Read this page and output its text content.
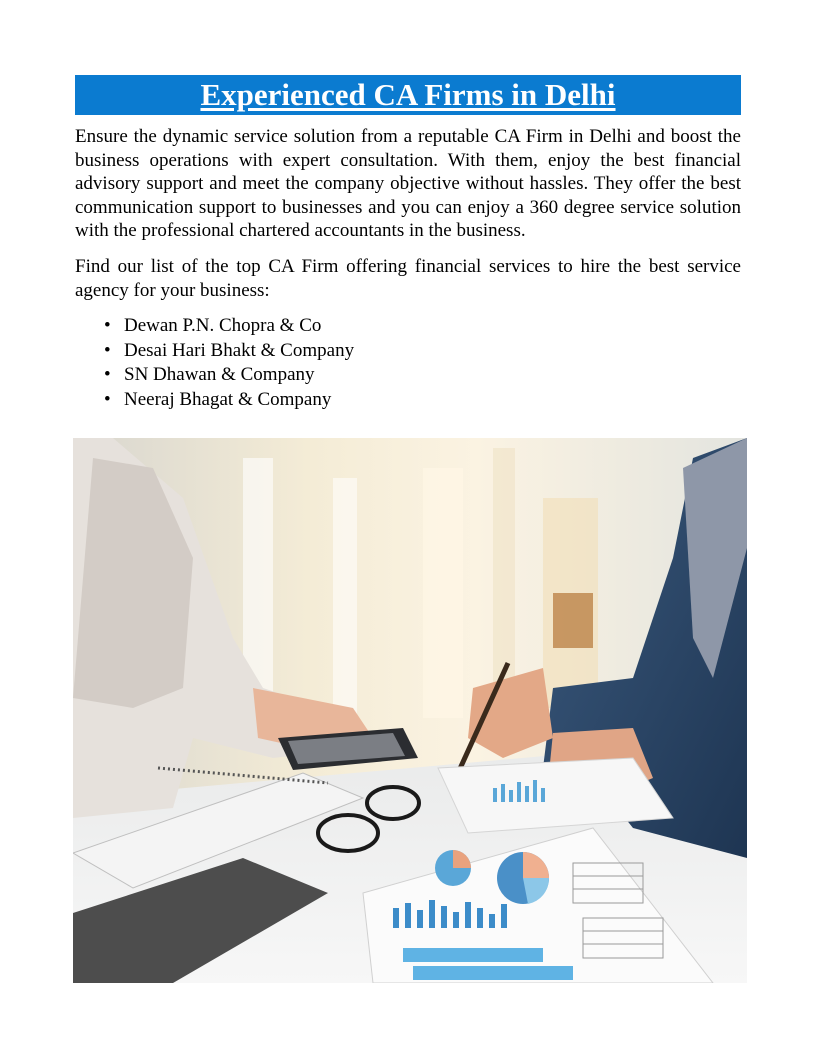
Experienced CA Firms in Delhi

Ensure the dynamic service solution from a reputable CA Firm in Delhi and boost the business operations with expert consultation. With them, enjoy the best financial advisory support and meet the company objective without hassles. They offer the best communication support to businesses and you can enjoy a 360 degree service solution with the professional chartered accountants in the business.

Find our list of the top CA Firm offering financial services to hire the best service agency for your business:

• Dewan P.N. Chopra & Co
• Desai Hari Bhakt & Company
• SN Dhawan & Company
• Neeraj Bhagat & Company
